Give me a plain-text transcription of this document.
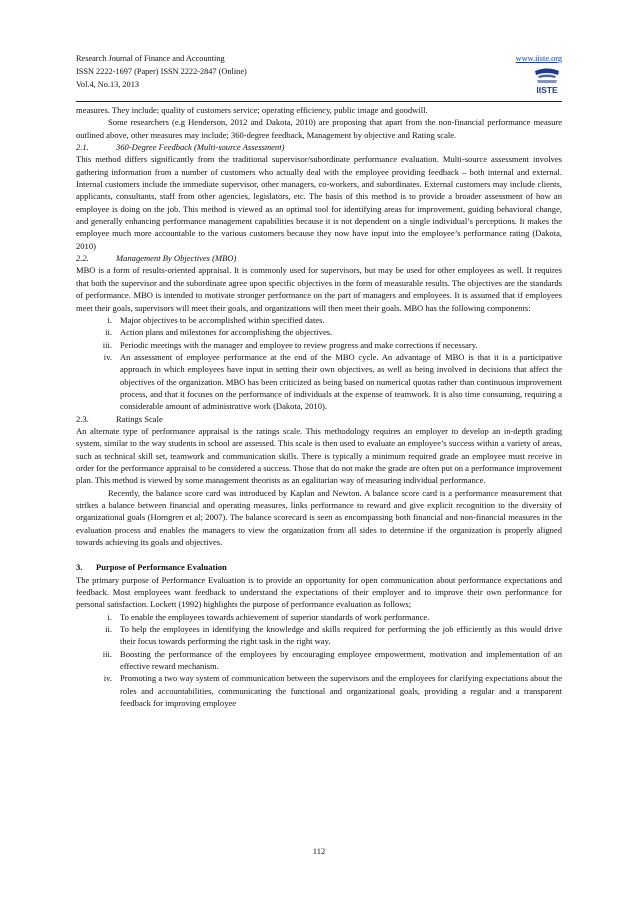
Research Journal of Finance and Accounting
ISSN 2222-1697 (Paper) ISSN 2222-2847 (Online)
Vol.4, No.13, 2013
www.iiste.org
IISTE

measures. They include; quality of customers service; operating efficiency, public image and goodwill.

Some researchers (e.g Henderson, 2012 and Dakota, 2010) are proposing that apart from the non-financial performance measure outlined above, other measures may include; 360-degree feedback, Management by objective and Rating scale.

2.1.	360-Degree Feedback (Multi-source Assessment)

This method differs significantly from the traditional supervisor/subordinate performance evaluation. Multi-source assessment involves gathering information from a number of customers who actually deal with the employee providing feedback – both internal and external. Internal customers include the immediate supervisor, other managers, co-workers, and subordinates. External customers may include clients, applicants, consultants, staff from other agencies, legislators, etc. The basis of this method is to provide a broader assessment of how an employee is doing on the job. This method is viewed as an optimal tool for identifying areas for improvement, guiding behavioral change, and generally enhancing performance management capabilities because it is not dependent on a single individual’s perceptions. It makes the employee much more accountable to the various customers because they now have input into the employee’s performance rating (Dakota, 2010)

2.2.	Management By Objectives (MBO)

MBO is a form of results-oriented appraisal. It is commonly used for supervisors, but may be used for other employees as well. It requires that both the supervisor and the subordinate agree upon specific objectives in the form of measurable results. The objectives are the standards of performance. MBO is intended to motivate stronger performance on the part of managers and employees. It is assumed that if employees meet their goals, supervisors will meet their goals, and organizations will then meet their goals. MBO has the following components:

i. Major objectives to be accomplished within specified dates.
ii. Action plans and milestones for accomplishing the objectives.
iii. Periodic meetings with the manager and employee to review progress and make corrections if necessary.
iv. An assessment of employee performance at the end of the MBO cycle. An advantage of MBO is that it is a participative approach in which employees have input in setting their own objectives, as well as being involved in decisions that affect the objectives of the organization. MBO has been criticized as being based on numerical quotas rather than continuous improvement process, and that it focuses on the performance of individuals at the expense of teamwork. It is also time consuming, requiring a considerable amount of administrative work (Dakota, 2010).
2.3.	Ratings Scale

An alternate type of performance appraisal is the ratings scale. This methodology requires an employer to develop an in-depth grading system, similar to the way students in school are assessed. This scale is then used to evaluate an employee’s success within a variety of areas, such as technical skill set, teamwork and communication skills. There is typically a minimum required grade an employee must receive in order for the performance appraisal to be considered a success. Those that do not make the grade are often put on a performance improvement plan. This method is viewed by some management theorists as an egalitarian way of measuring individual performance.

Recently, the balance score card was introduced by Kaplan and Newton. A balance score card is a performance measurement that strikes a balance between financial and operating measures, links performance to reward and give explicit recognition to the diversity of organizational goals (Horngren et al; 2007). The balance scorecard is seen as encompassing both financial and non-financial measures in the evaluation process and enables the managers to view the organization from all sides to determine if the organization is properly aligned towards achieving its goals and objectives.

3. Purpose of Performance Evaluation

The primary purpose of Performance Evaluation is to provide an opportunity for open communication about performance expectations and feedback. Most employees want feedback to understand the expectations of their employer and to improve their own performance for personal satisfaction. Lockett (1992) highlights the purpose of performance evaluation as follows;

i. To enable the employees towards achievement of superior standards of work performance.
ii. To help the employees in identifying the knowledge and skills required for performing the job efficiently as this would drive their focus towards performing the right task in the right way.
iii. Boosting the performance of the employees by encouraging employee empowerment, motivation and implementation of an effective reward mechanism.
iv. Promoting a two way system of communication between the supervisors and the employees for clarifying expectations about the roles and accountabilities, communicating the functional and organizational goals, providing a regular and a transparent feedback for improving employee
112
